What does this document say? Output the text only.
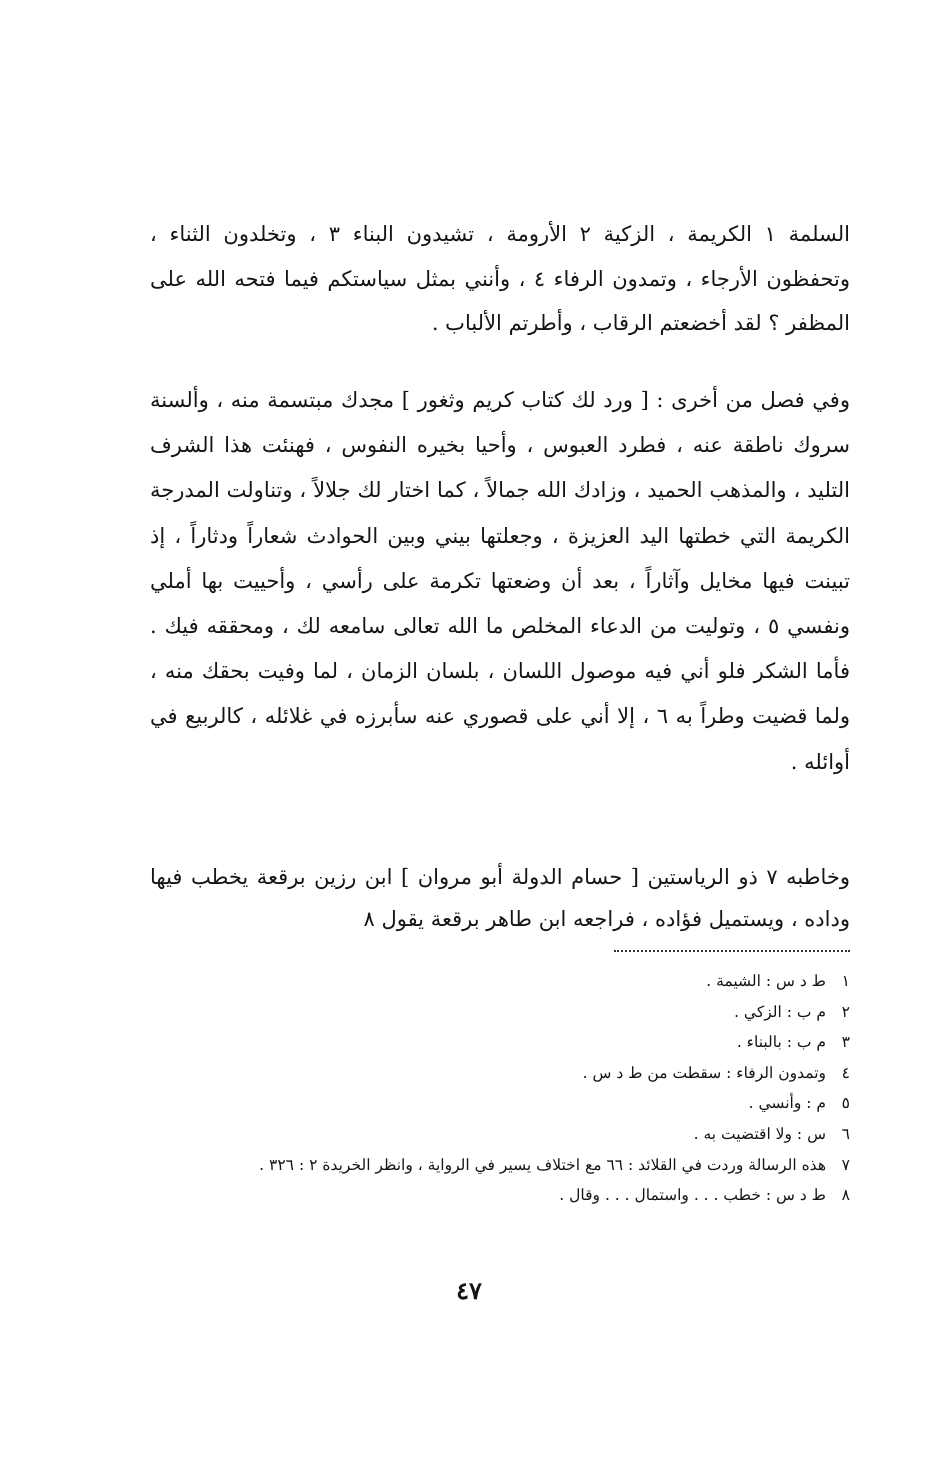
السلمة ١ الكريمة ، الزكية ٢ الأرومة ، تشيدون البناء ٣ ، وتخلدون الثناء ، وتحفظون الأرجاء ، وتمدون الرفاء ٤ ، وأنني بمثل سياستكم فيما فتحه الله على المظفر ؟ لقد أخضعتم الرقاب ، وأطرتم الألباب .

وفي فصل من أخرى : [ ورد لك كتاب كريم وثغور ] مجدك مبتسمة منه ، وألسنة سروك ناطقة عنه ، فطرد العبوس ، وأحيا بخيره النفوس ، فهنئت هذا الشرف التليد ، والمذهب الحميد ، وزادك الله جمالاً ، كما اختار لك جلالاً ، وتناولت المدرجة الكريمة التي خطتها اليد العزيزة ، وجعلتها بيني وبين الحوادث شعاراً ودثاراً ، إذ تبينت فيها مخايل وآثاراً ، بعد أن وضعتها تكرمة على رأسي ، وأحييت بها أملي ونفسي ٥ ، وتوليت من الدعاء المخلص ما الله تعالى سامعه لك ، ومحققه فيك . فأما الشكر فلو أني فيه موصول اللسان ، بلسان الزمان ، لما وفيت بحقك منه ، ولما قضيت وطراً به ٦ ، إلا أني على قصوري عنه سأبرزه في غلائله ، كالربيع في أوائله .

وخاطبه ٧ ذو الرياستين [ حسام الدولة أبو مروان ] ابن رزين برقعة يخطب فيها وداده ، ويستميل فؤاده ، فراجعه ابن طاهر برقعة يقول ٨

١ط د س : الشيمة .
٢م ب : الزكي .
٣م ب : بالبناء .
٤وتمدون الرفاء : سقطت من ط د س .
٥م : وأنسي .
٦س : ولا اقتضيت به .
٧هذه الرسالة وردت في القلائد : ٦٦ مع اختلاف يسير في الرواية ، وانظر الخريدة ٢ : ٣٢٦ .
٨ط د س : خطب . . . واستمال . . . وقال .
٤٧
